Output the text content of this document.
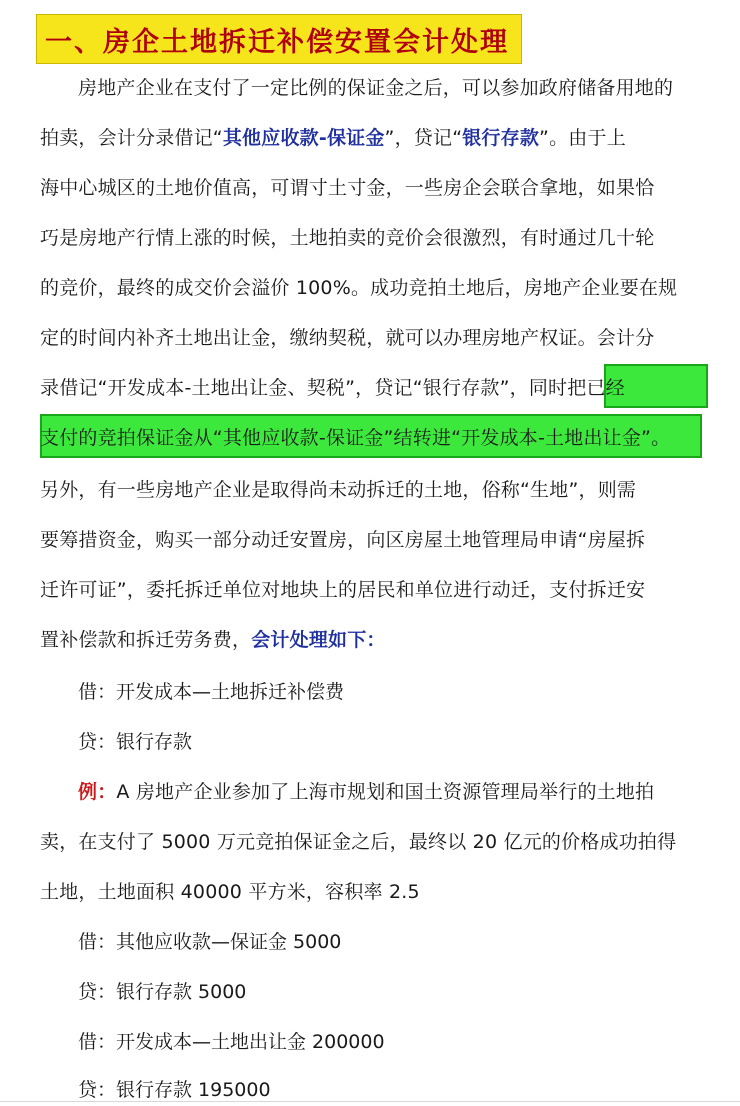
一、房企土地拆迁补偿安置会计处理
房地产企业在支付了一定比例的保证金之后，可以参加政府储备用地的
拍卖，会计分录借记“其他应收款-保证金”，贷记“银行存款”。由于上
海中心城区的土地价值高，可谓寸土寸金，一些房企会联合拿地，如果恰
巧是房地产行情上涨的时候，土地拍卖的竞价会很激烈，有时通过几十轮
的竞价，最终的成交价会溢价 100%。成功竞拍土地后，房地产企业要在规
定的时间内补齐土地出让金，缴纳契税，就可以办理房地产权证。会计分
录借记“开发成本-土地出让金、契税”，贷记“银行存款”，同时把已经
支付的竞拍保证金从“其他应收款-保证金”结转进“开发成本-土地出让金”。
另外，有一些房地产企业是取得尚未动拆迁的土地，俗称“生地”，则需
要筹措资金，购买一部分动迁安置房，向区房屋土地管理局申请“房屋拆
迁许可证”，委托拆迁单位对地块上的居民和单位进行动迁，支付拆迁安
置补偿款和拆迁劳务费，会计处理如下：
借：开发成本—土地拆迁补偿费
贷：银行存款
例：A 房地产企业参加了上海市规划和国土资源管理局举行的土地拍
卖，在支付了 5000 万元竞拍保证金之后，最终以 20 亿元的价格成功拍得
土地，土地面积 40000 平方米，容积率 2.5
借：其他应收款—保证金 5000
贷：银行存款 5000
借：开发成本—土地出让金 200000
贷：银行存款 195000
